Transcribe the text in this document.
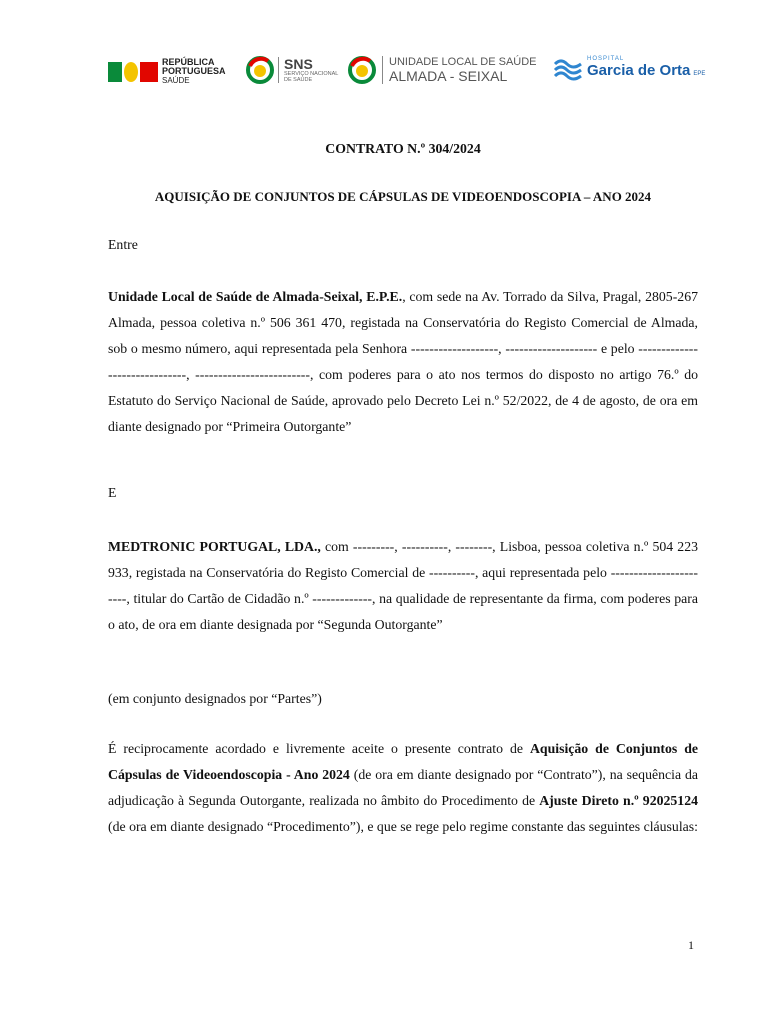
REPÚBLICA
PORTUGUESA
SAÚDE
SNS
SERVIÇO NACIONAL
DE SAÚDE
UNIDADE LOCAL DE SAÚDE
ALMADA - SEIXAL
HOSPITAL
Garcia de Orta EPE
CONTRATO N.º 304/2024
AQUISIÇÃO DE CONJUNTOS DE CÁPSULAS DE VIDEOENDOSCOPIA – ANO 2024
Entre

Unidade Local de Saúde de Almada-Seixal, E.P.E., com sede na Av. Torrado da Silva, Pragal, 2805-267 Almada, pessoa coletiva n.º 506 361 470, registada na Conservatória do Registo Comercial de Almada, sob o mesmo número, aqui representada pela Senhora -------------------, -------------------- e pelo ------------------------------, -------------------------, com poderes para o ato nos termos do disposto no artigo 76.º do Estatuto do Serviço Nacional de Saúde, aprovado pelo Decreto Lei n.º 52/2022, de 4 de agosto, de ora em diante designado por “Primeira Outorgante”

E

MEDTRONIC PORTUGAL, LDA., com ---------, ----------, --------, Lisboa, pessoa coletiva n.º 504 223 933, registada na Conservatória do Registo Comercial de ----------, aqui representada pelo -----------------------, titular do Cartão de Cidadão n.º -------------, na qualidade de representante da firma, com poderes para o ato, de ora em diante designada por “Segunda Outorgante”

(em conjunto designados por “Partes”)

É reciprocamente acordado e livremente aceite o presente contrato de Aquisição de Conjuntos de Cápsulas de Videoendoscopia - Ano 2024 (de ora em diante designado por “Contrato”), na sequência da adjudicação à Segunda Outorgante, realizada no âmbito do Procedimento de Ajuste Direto n.º 92025124 (de ora em diante designado “Procedimento”), e que se rege pelo regime constante das seguintes cláusulas:

1
